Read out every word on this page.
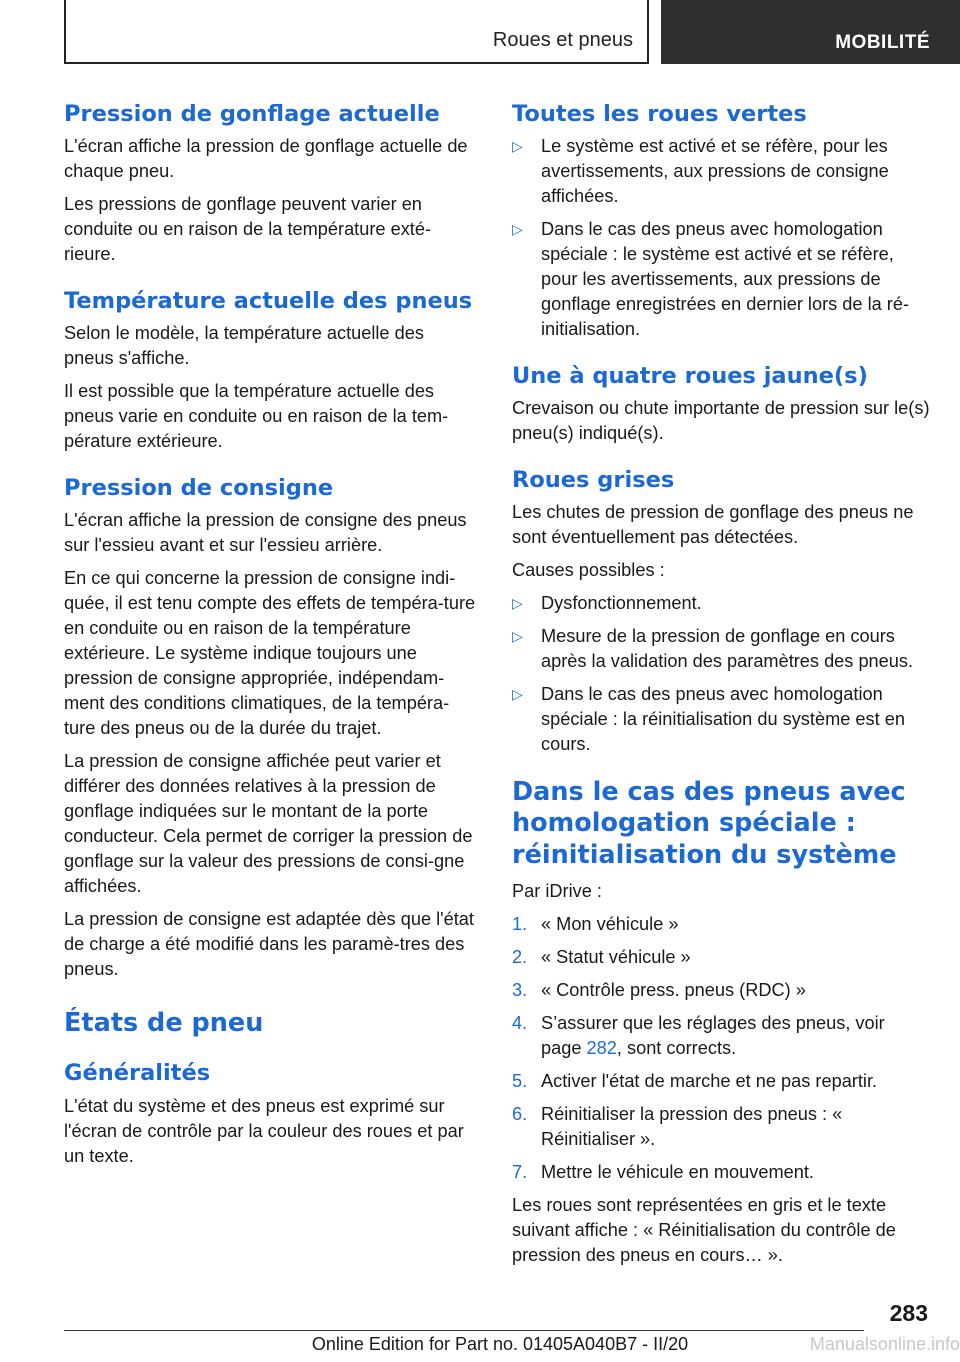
Roues et pneus	MOBILITÉ
Pression de gonflage actuelle

L'écran affiche la pression de gonflage actuelle de chaque pneu.

Les pressions de gonflage peuvent varier en conduite ou en raison de la température exté‐rieure.

Température actuelle des pneus

Selon le modèle, la température actuelle des pneus s'affiche.

Il est possible que la température actuelle des pneus varie en conduite ou en raison de la tem‐pérature extérieure.

Pression de consigne

L'écran affiche la pression de consigne des pneus sur l'essieu avant et sur l'essieu arrière.

En ce qui concerne la pression de consigne indi‐quée, il est tenu compte des effets de tempéra‐ture en conduite ou en raison de la température extérieure. Le système indique toujours une pression de consigne appropriée, indépendam‐ment des conditions climatiques, de la tempéra‐ture des pneus ou de la durée du trajet.

La pression de consigne affichée peut varier et différer des données relatives à la pression de gonflage indiquées sur le montant de la porte conducteur. Cela permet de corriger la pression de gonflage sur la valeur des pressions de consi‐gne affichées.

La pression de consigne est adaptée dès que l'état de charge a été modifié dans les paramè‐tres des pneus.

États de pneu
Généralités

L'état du système et des pneus est exprimé sur l'écran de contrôle par la couleur des roues et par un texte.

Toutes les roues vertes
▷ Le système est activé et se réfère, pour les avertissements, aux pressions de consigne affichées.
▷ Dans le cas des pneus avec homologation spéciale : le système est activé et se réfère, pour les avertissements, aux pressions de gonflage enregistrées en dernier lors de la ré‐initialisation.
Une à quatre roues jaune(s)

Crevaison ou chute importante de pression sur le(s) pneu(s) indiqué(s).

Roues grises

Les chutes de pression de gonflage des pneus ne sont éventuellement pas détectées.

Causes possibles :

▷ Dysfonctionnement.
▷ Mesure de la pression de gonflage en cours après la validation des paramètres des pneus.
▷ Dans le cas des pneus avec homologation spéciale : la réinitialisation du système est en cours.
Dans le cas des pneus avec homologation spéciale : réinitialisation du système

Par iDrive :

1. « Mon véhicule »
2. « Statut véhicule »
3. « Contrôle press. pneus (RDC) »
4. S’assurer que les réglages des pneus, voir page 282, sont corrects.
5. Activer l'état de marche et ne pas repartir.
6. Réinitialiser la pression des pneus : « Réinitialiser ».
7. Mettre le véhicule en mouvement.

Les roues sont représentées en gris et le texte suivant affiche : « Réinitialisation du contrôle de pression des pneus en cours… ».

283
Online Edition for Part no. 01405A040B7 - II/20	Manualsonline.info
